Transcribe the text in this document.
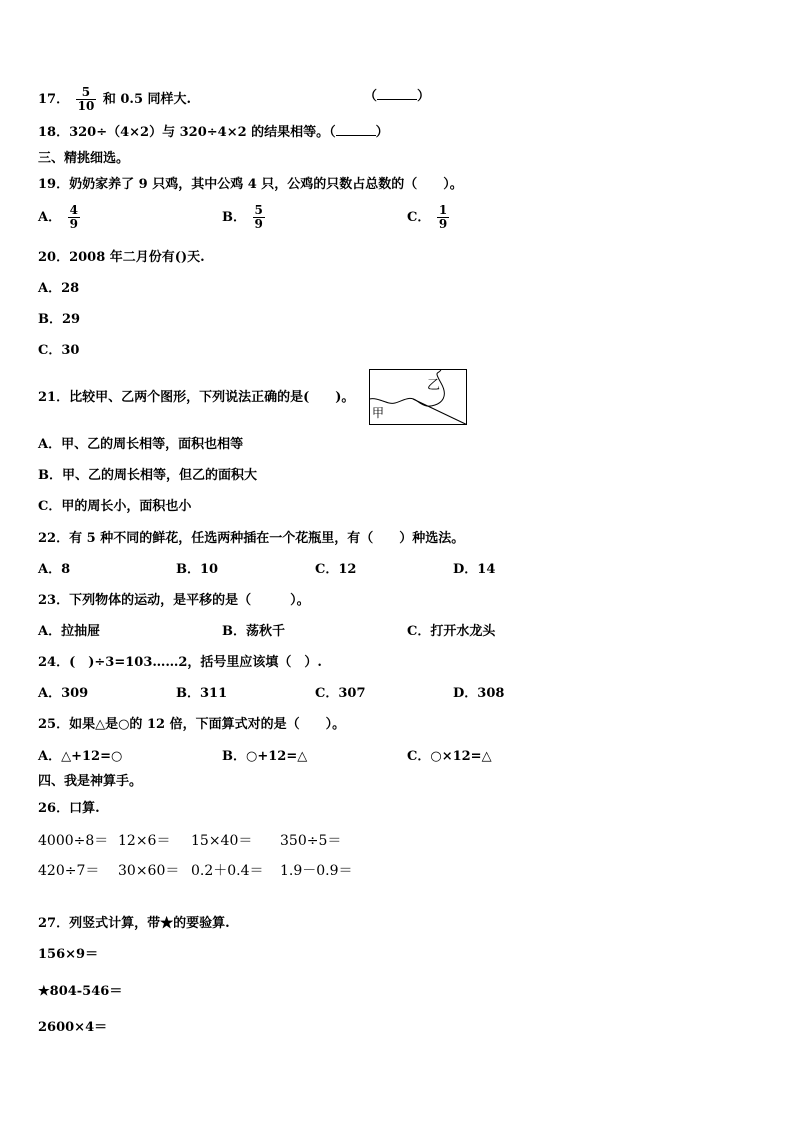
17． $\frac{5}{10}$ 和 0.5 同样大.	（	）
18．320÷（4×2）与 320÷4×2 的结果相等。（	）
三、精挑细选。
19．奶奶家养了 9 只鸡，其中公鸡 4 只，公鸡的只数占总数的（　　）。
A． $\frac{4}{9}$	B． $\frac{5}{9}$	C． $\frac{1}{9}$
20．2008 年二月份有()天.
A．28
B．29
C．30
21．比较甲、乙两个图形，下列说法正确的是(　　)。
甲
乙
A．甲、乙的周长相等，面积也相等
B．甲、乙的周长相等，但乙的面积大
C．甲的周长小，面积也小
22．有 5 种不同的鲜花，任选两种插在一个花瓶里，有（　　）种选法。
A．8	B．10	C．12	D．14
23．下列物体的运动，是平移的是（　　　）。
A．拉抽屉	B．荡秋千	C．打开水龙头
24．(　)÷3=103……2，括号里应该填（　）.
A．309	B．311	C．307	D．308
25．如果△是○的 12 倍，下面算式对的是（　　）。
A．△+12=○	B．○+12=△	C．○×12=△
四、我是神算手。
26．口算.
4000÷8＝ 12×6＝ 15×40＝ 350÷5＝
420÷7＝ 30×60＝ 0.2＋0.4＝ 1.9－0.9＝
27．列竖式计算，带★的要验算.
156×9＝
★804-546＝
2600×4＝
